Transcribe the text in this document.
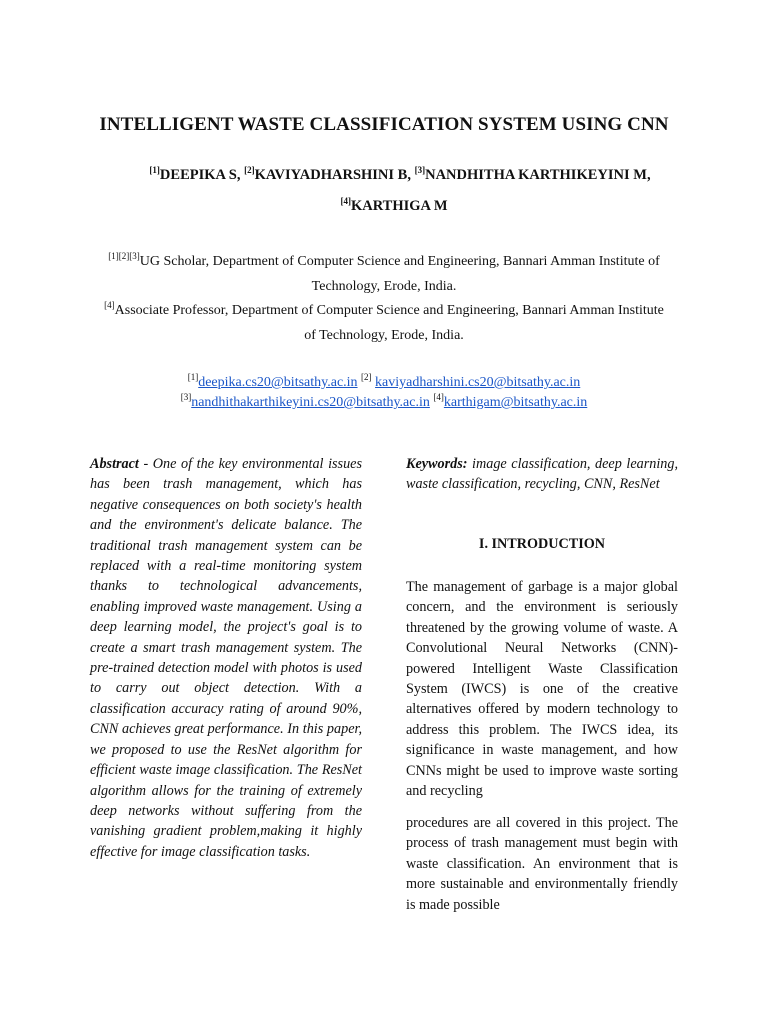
INTELLIGENT WASTE CLASSIFICATION SYSTEM USING CNN
[1]DEEPIKA S, [2]KAVIYADHARSHINI B, [3]NANDHITHA KARTHIKEYINI M,
[4]KARTHIGA M
[1][2][3]UG Scholar, Department of Computer Science and Engineering, Bannari Amman Institute of Technology, Erode, India.
[4]Associate Professor, Department of Computer Science and Engineering, Bannari Amman Institute of Technology, Erode, India.
[1]deepika.cs20@bitsathy.ac.in [2] kaviyadharshini.cs20@bitsathy.ac.in
[3]nandhithakarthikeyini.cs20@bitsathy.ac.in [4]karthigam@bitsathy.ac.in
Abstract - One of the key environmental issues has been trash management, which has negative consequences on both society's health and the environment's delicate balance. The traditional trash management system can be replaced with a real-time monitoring system thanks to technological advancements, enabling improved waste management. Using a deep learning model, the project's goal is to create a smart trash management system. The pre-trained detection model with photos is used to carry out object detection. With a classification accuracy rating of around 90%, CNN achieves great performance. In this paper, we proposed to use the ResNet algorithm for efficient waste image classification. The ResNet algorithm allows for the training of extremely deep networks without suffering from the vanishing gradient problem,making it highly effective for image classification tasks.
Keywords: image classification, deep learning, waste classification, recycling, CNN, ResNet
I. INTRODUCTION
The management of garbage is a major global concern, and the environment is seriously threatened by the growing volume of waste. A Convolutional Neural Networks (CNN)-powered Intelligent Waste Classification System (IWCS) is one of the creative alternatives offered by modern technology to address this problem. The IWCS idea, its significance in waste management, and how CNNs might be used to improve waste sorting and recycling
procedures are all covered in this project. The process of trash management must begin with waste classification. An environment that is more sustainable and environmentally friendly is made possible
